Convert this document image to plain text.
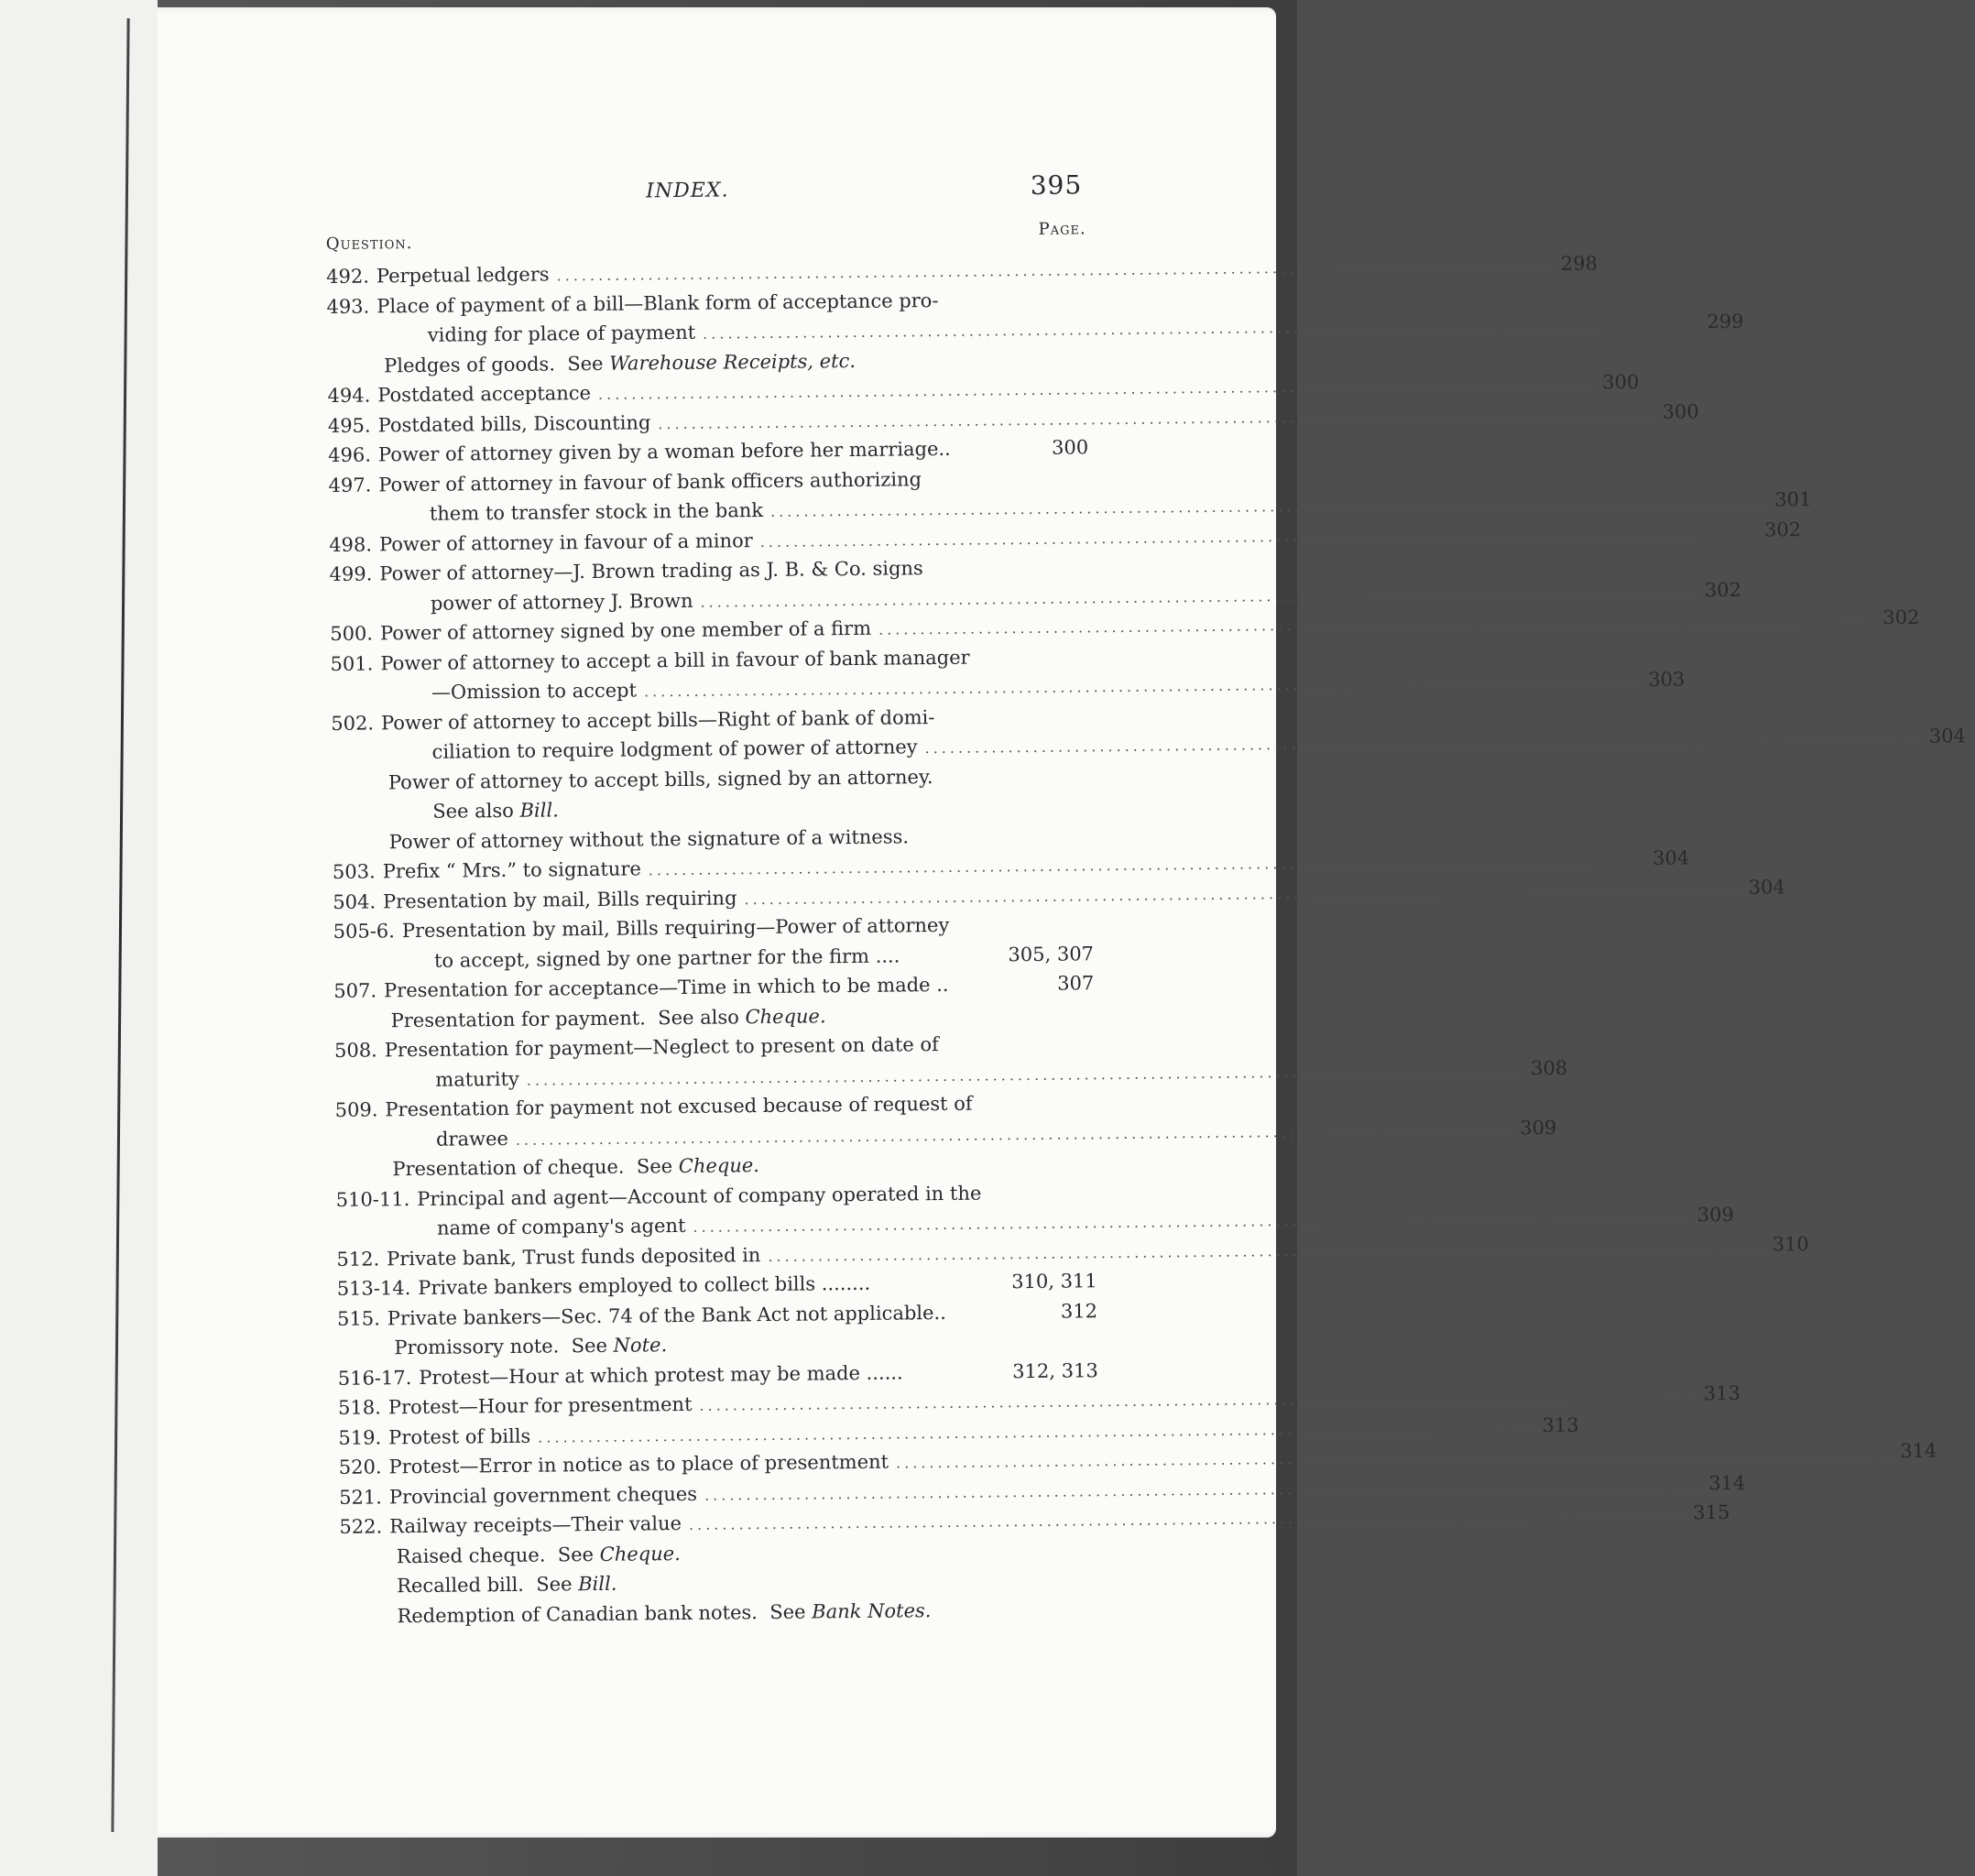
INDEX.	395
Question.
Page.
492. Perpetual ledgers ........................................................................................................................ 298
493. Place of payment of a bill—Blank form of acceptance pro-
viding for place of payment ........................................................................................................................ 299
Pledges of goods.  See Warehouse Receipts, etc.
494. Postdated acceptance ........................................................................................................................ 300
495. Postdated bills, Discounting ........................................................................................................................ 300
496. Power of attorney given by a woman before her marriage..	300
497. Power of attorney in favour of bank officers authorizing
them to transfer stock in the bank ........................................................................................................................ 301
498. Power of attorney in favour of a minor ........................................................................................................................ 302
499. Power of attorney—J. Brown trading as J. B. & Co. signs
power of attorney J. Brown ........................................................................................................................ 302
500. Power of attorney signed by one member of a firm ........................................................................................................................ 302
501. Power of attorney to accept a bill in favour of bank manager
—Omission to accept ........................................................................................................................ 303
502. Power of attorney to accept bills—Right of bank of domi-
ciliation to require lodgment of power of attorney ........................................................................................................................ 304
Power of attorney to accept bills, signed by an attorney.
See also Bill.
Power of attorney without the signature of a witness.
503. Prefix “ Mrs.” to signature ........................................................................................................................ 304
504. Presentation by mail, Bills requiring ........................................................................................................................ 304
505-6. Presentation by mail, Bills requiring—Power of attorney
to accept, signed by one partner for the firm ....	305, 307
507. Presentation for acceptance—Time in which to be made ..	307
Presentation for payment.  See also Cheque.
508. Presentation for payment—Neglect to present on date of
maturity ........................................................................................................................ 308
509. Presentation for payment not excused because of request of
drawee ........................................................................................................................ 309
Presentation of cheque.  See Cheque.
510-11. Principal and agent—Account of company operated in the
name of company's agent ........................................................................................................................ 309
512. Private bank, Trust funds deposited in ........................................................................................................................ 310
513-14. Private bankers employed to collect bills ........	310, 311
515. Private bankers—Sec. 74 of the Bank Act not applicable..	312
Promissory note.  See Note.
516-17. Protest—Hour at which protest may be made ......	312, 313
518. Protest—Hour for presentment ........................................................................................................................ 313
519. Protest of bills ........................................................................................................................ 313
520. Protest—Error in notice as to place of presentment ........................................................................................................................ 314
521. Provincial government cheques ........................................................................................................................ 314
522. Railway receipts—Their value ........................................................................................................................ 315
Raised cheque.  See Cheque.
Recalled bill.  See Bill.
Redemption of Canadian bank notes.  See Bank Notes.
